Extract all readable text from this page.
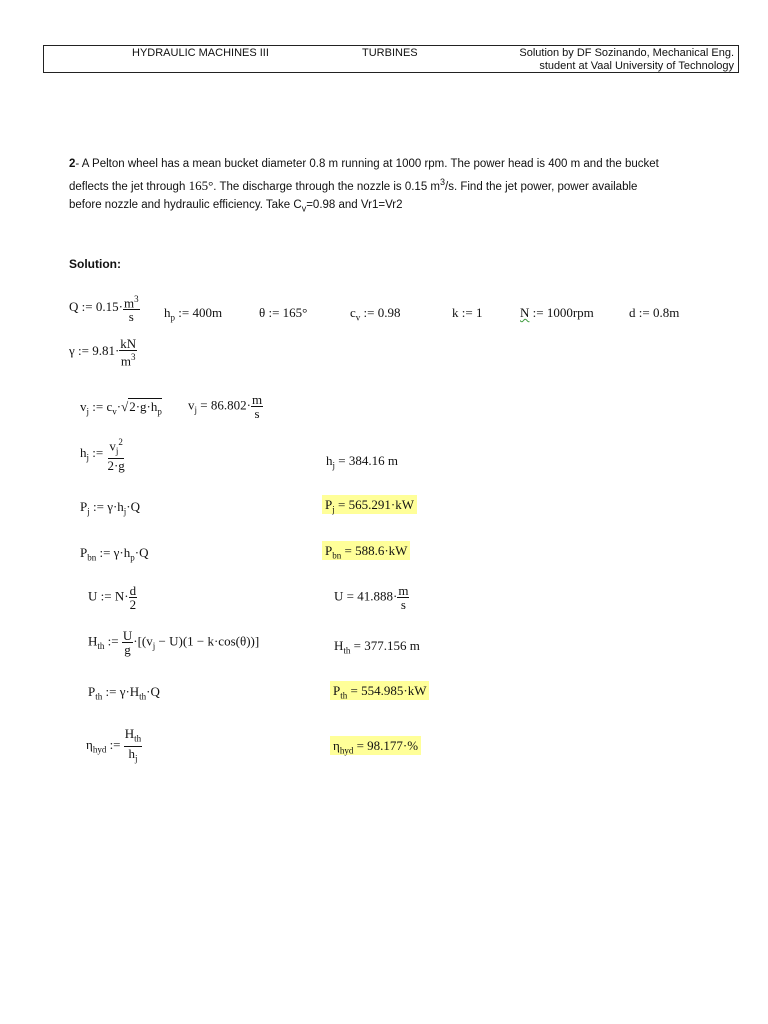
HYDRAULIC MACHINES III	TURBINES	Solution by DF Sozinando, Mechanical Eng.
student at Vaal University of Technology
2- A Pelton wheel has a mean bucket diameter 0.8 m running at 1000 rpm. The power head is 400 m and the bucket
deflects the jet through 165°. The discharge through the nozzle is 0.15 $m^3/s$. Find the jet power, power available
before nozzle and hydraulic efficiency. Take $C_v=0.98$ and Vr1=Vr2
Solution:
Q := $0.15\cdot \frac{m^3}{s} h_p$ := 400m	θ := 165°	$c_v$ := 0.98	k := 1	N := 1000rpm	d := 0.8m
γ := $9.81\cdot \frac{kN}{m^3}$
$v_j$ := $c_v\cdot√2\cdot g\cdot h_p$ $v_j = 86.802\cdot \frac{m}{s}$
$h_j$ := $\frac{v_j^2}{2\cdot g}$	$h_j = 384.16$ m
$P_j$ := $\gamma\cdot h_j\cdot Q$	$P_j = 565.291\cdot kW$
$P_{bn}$ := $\gamma\cdot h_p\cdot Q$	$P_{bn} = 588.6\cdot kW$
U := $N\cdot \frac{d}{2}$	$U = 41.888\cdot \frac{m}{s}$
$H_{th}$ := $\frac{U}{g} \cdot[(v_j - U)(1 - k\cdot\cos(\theta))]$	$H_{th} = 377.156$ m
$P_{th}$ := $\gamma\cdot H_{th}\cdot Q$	$P_{th} = 554.985\cdot kW$
$\eta_{hyd}$ := $\frac{H_{th}}{h_j}$	$\eta_{hyd} = 98.177\cdot\%$
